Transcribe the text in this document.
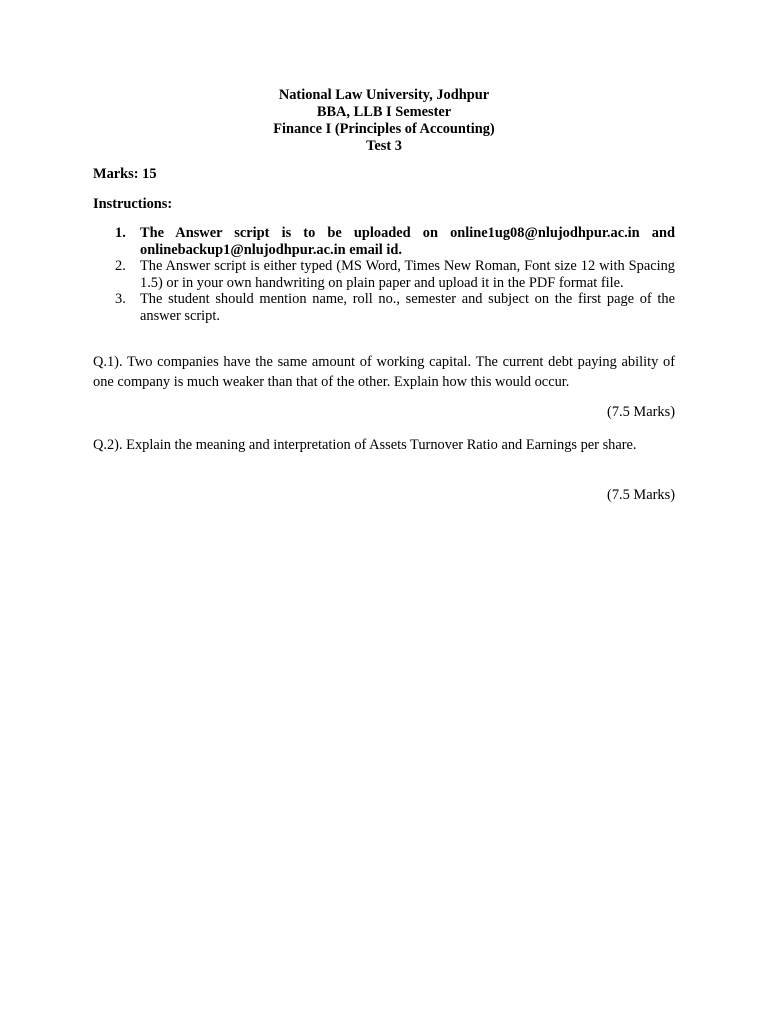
National Law University, Jodhpur
BBA, LLB I Semester
Finance I (Principles of Accounting)
Test 3
Marks: 15
Instructions:
1. The Answer script is to be uploaded on online1ug08@nlujodhpur.ac.in and onlinebackup1@nlujodhpur.ac.in email id.
2. The Answer script is either typed (MS Word, Times New Roman, Font size 12 with Spacing 1.5) or in your own handwriting on plain paper and upload it in the PDF format file.
3. The student should mention name, roll no., semester and subject on the first page of the answer script.
Q.1). Two companies have the same amount of working capital. The current debt paying ability of one company is much weaker than that of the other. Explain how this would occur.
(7.5 Marks)
Q.2). Explain the meaning and interpretation of Assets Turnover Ratio and Earnings per share.
(7.5 Marks)
